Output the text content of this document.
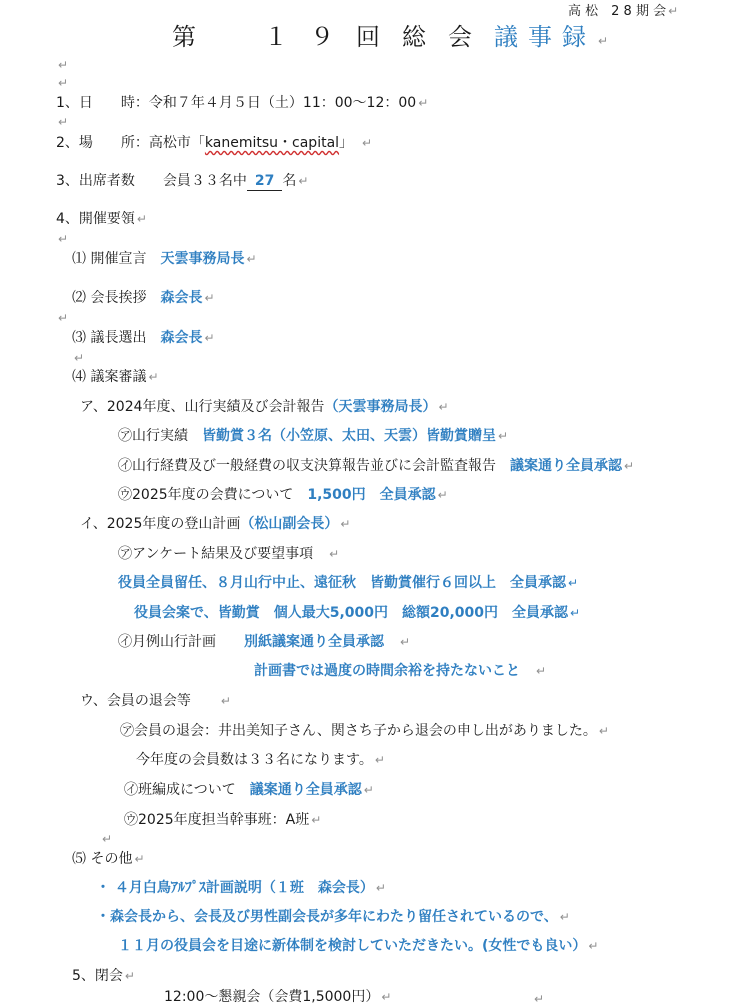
高 松　2 8 期 会 ↵
第　１９回総会議事録 ↵
↵
↵
1、日　　時：令和７年４月５日（土）11：00～12：00 ↵
↵
2、場　　所：高松市「kanemitsu・capital」　 ↵
3、出席者数　　会員３３名中 27 名 ↵
4、開催要領 ↵
↵
⑴ 開催宣言　天雲事務局長 ↵
⑵ 会長挨拶　森会長 ↵
↵
⑶ 議長選出　森会長 ↵
↵
⑷ 議案審議 ↵
ア、2024年度、山行実績及び会計報告（天雲事務局長） ↵
㋐山行実績　皆勤賞３名（小笠原、太田、天雲）皆勤賞贈呈 ↵
㋑山行経費及び一般経費の収支決算報告並びに会計監査報告　議案通り全員承認 ↵
㋒2025年度の会費について　1,500円　全員承認 ↵
イ、2025年度の登山計画（松山副会長） ↵
㋐アンケート結果及び要望事項　 ↵
役員全員留任、８月山行中止、遠征秋　皆勤賞催行６回以上　全員承認 ↵
役員会案で、皆勤賞　個人最大5,000円　総額20,000円　全員承認 ↵
㋑月例山行計画　　別紙議案通り全員承認　 ↵
計画書では過度の時間余裕を持たないこと　 ↵
ウ、会員の退会等　　	↵
㋐会員の退会：井出美知子さん、関さち子から退会の申し出がありました。 ↵
今年度の会員数は３３名になります。 ↵
㋑班編成について　議案通り全員承認 ↵
㋒2025年度担当幹事班：A班 ↵
↵
⑸ その他 ↵
・ ４月白鳥ｱﾙﾌﾟｽ計画説明（１班　森会長） ↵
・森会長から、会長及び男性副会長が多年にわたり留任されているので、 ↵
１１月の役員会を目途に新体制を検討していただきたい。(女性でも良い） ↵
5、閉会 ↵
12:00～懇親会（会費1,5000円） ↵	↵
